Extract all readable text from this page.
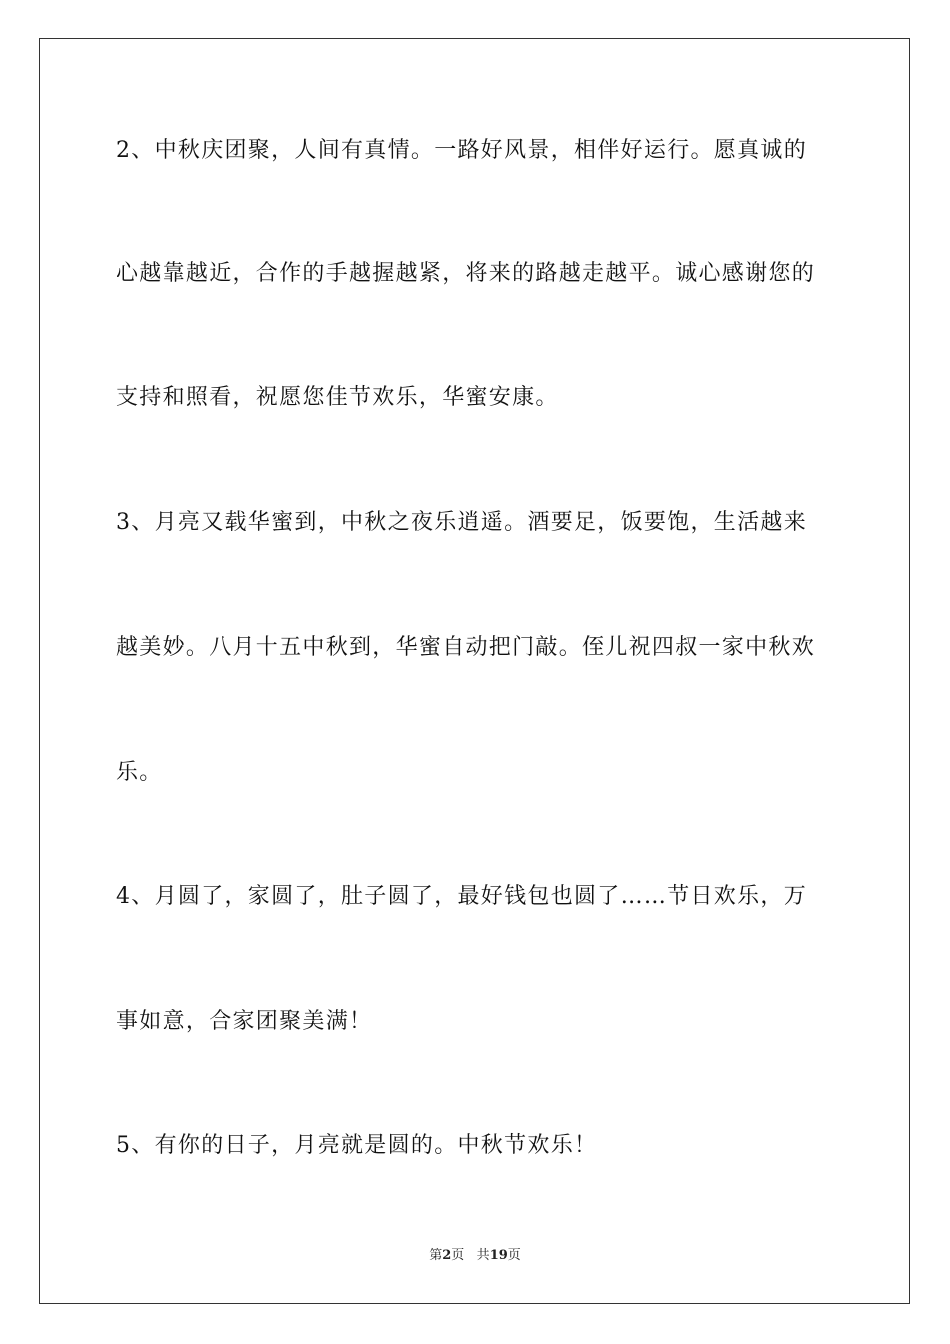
2、中秋庆团聚，人间有真情。一路好风景，相伴好运行。愿真诚的
心越靠越近，合作的手越握越紧，将来的路越走越平。诚心感谢您的
支持和照看，祝愿您佳节欢乐，华蜜安康。
3、月亮又载华蜜到，中秋之夜乐逍遥。酒要足，饭要饱，生活越来
越美妙。八月十五中秋到，华蜜自动把门敲。侄儿祝四叔一家中秋欢
乐。
4、月圆了，家圆了，肚子圆了，最好钱包也圆了……节日欢乐，万
事如意，合家团聚美满！
5、有你的日子，月亮就是圆的。中秋节欢乐！
第2页 共19页
